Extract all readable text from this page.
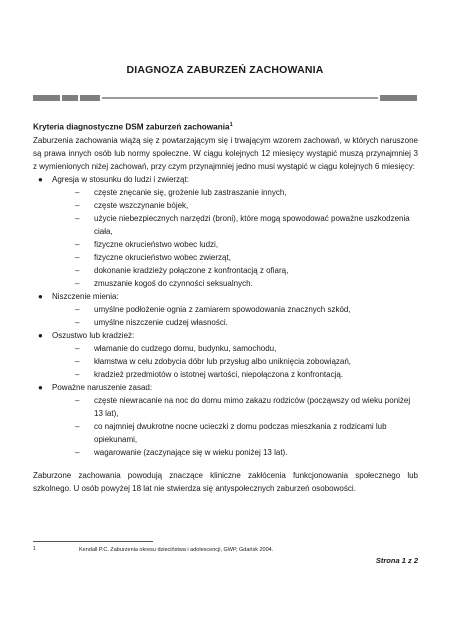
DIAGNOZA ZABURZEŃ ZACHOWANIA

Kryteria diagnostyczne DSM zaburzeń zachowania$^1$

Zaburzenia zachowania wiążą się z powtarzającym się i trwającym wzorem zachowań, w których naruszone są prawa innych osób lub normy społeczne. W ciągu kolejnych 12 miesięcy wystąpić muszą przynajmniej 3 z wymienionych niżej zachowań, przy czym przynajmniej jedno musi wystąpić w ciągu kolejnych 6 miesięcy:

● Agresja w stosunku do ludzi i zwierząt:
– częste znęcanie się, grożenie lub zastraszanie innych,
– częste wszczynanie bójek,
– użycie niebezpiecznych narzędzi (broni), które mogą spowodować poważne uszkodzenia ciała,
– fizyczne okrucieństwo wobec ludzi,
– fizyczne okrucieństwo wobec zwierząt,
– dokonanie kradzieży połączone z konfrontacją z ofiarą,
– zmuszanie kogoś do czynności seksualnych.
● Niszczenie mienia:
– umyślne podłożenie ognia z zamiarem spowodowania znacznych szkód,
– umyślne niszczenie cudzej własności.
● Oszustwo lub kradzież:
– włamanie do cudzego domu, budynku, samochodu,
– kłamstwa w celu zdobycia dóbr lub przysług albo uniknięcia zobowiązań,
– kradzież przedmiotów o istotnej wartości, niepołączona z konfrontacją.
● Poważne naruszenie zasad:
– częste niewracanie na noc do domu mimo zakazu rodziców (począwszy od wieku poniżej 13 lat),
– co najmniej dwukrotne nocne ucieczki z domu podczas mieszkania z rodzicami lub opiekunami,
– wagarowanie (zaczynające się w wieku poniżej 13 lat).

Zaburzone zachowania powodują znaczące kliniczne zakłócenia funkcjonowania społecznego lub szkolnego. U osób powyżej 18 lat nie stwierdza się antyspołecznych zaburzeń osobowości.

1	Kendall P.C. Zaburzenia okresu dzieciństwa i adolescencji, GWP, Gdańsk 2004.
Strona 1 z 2
